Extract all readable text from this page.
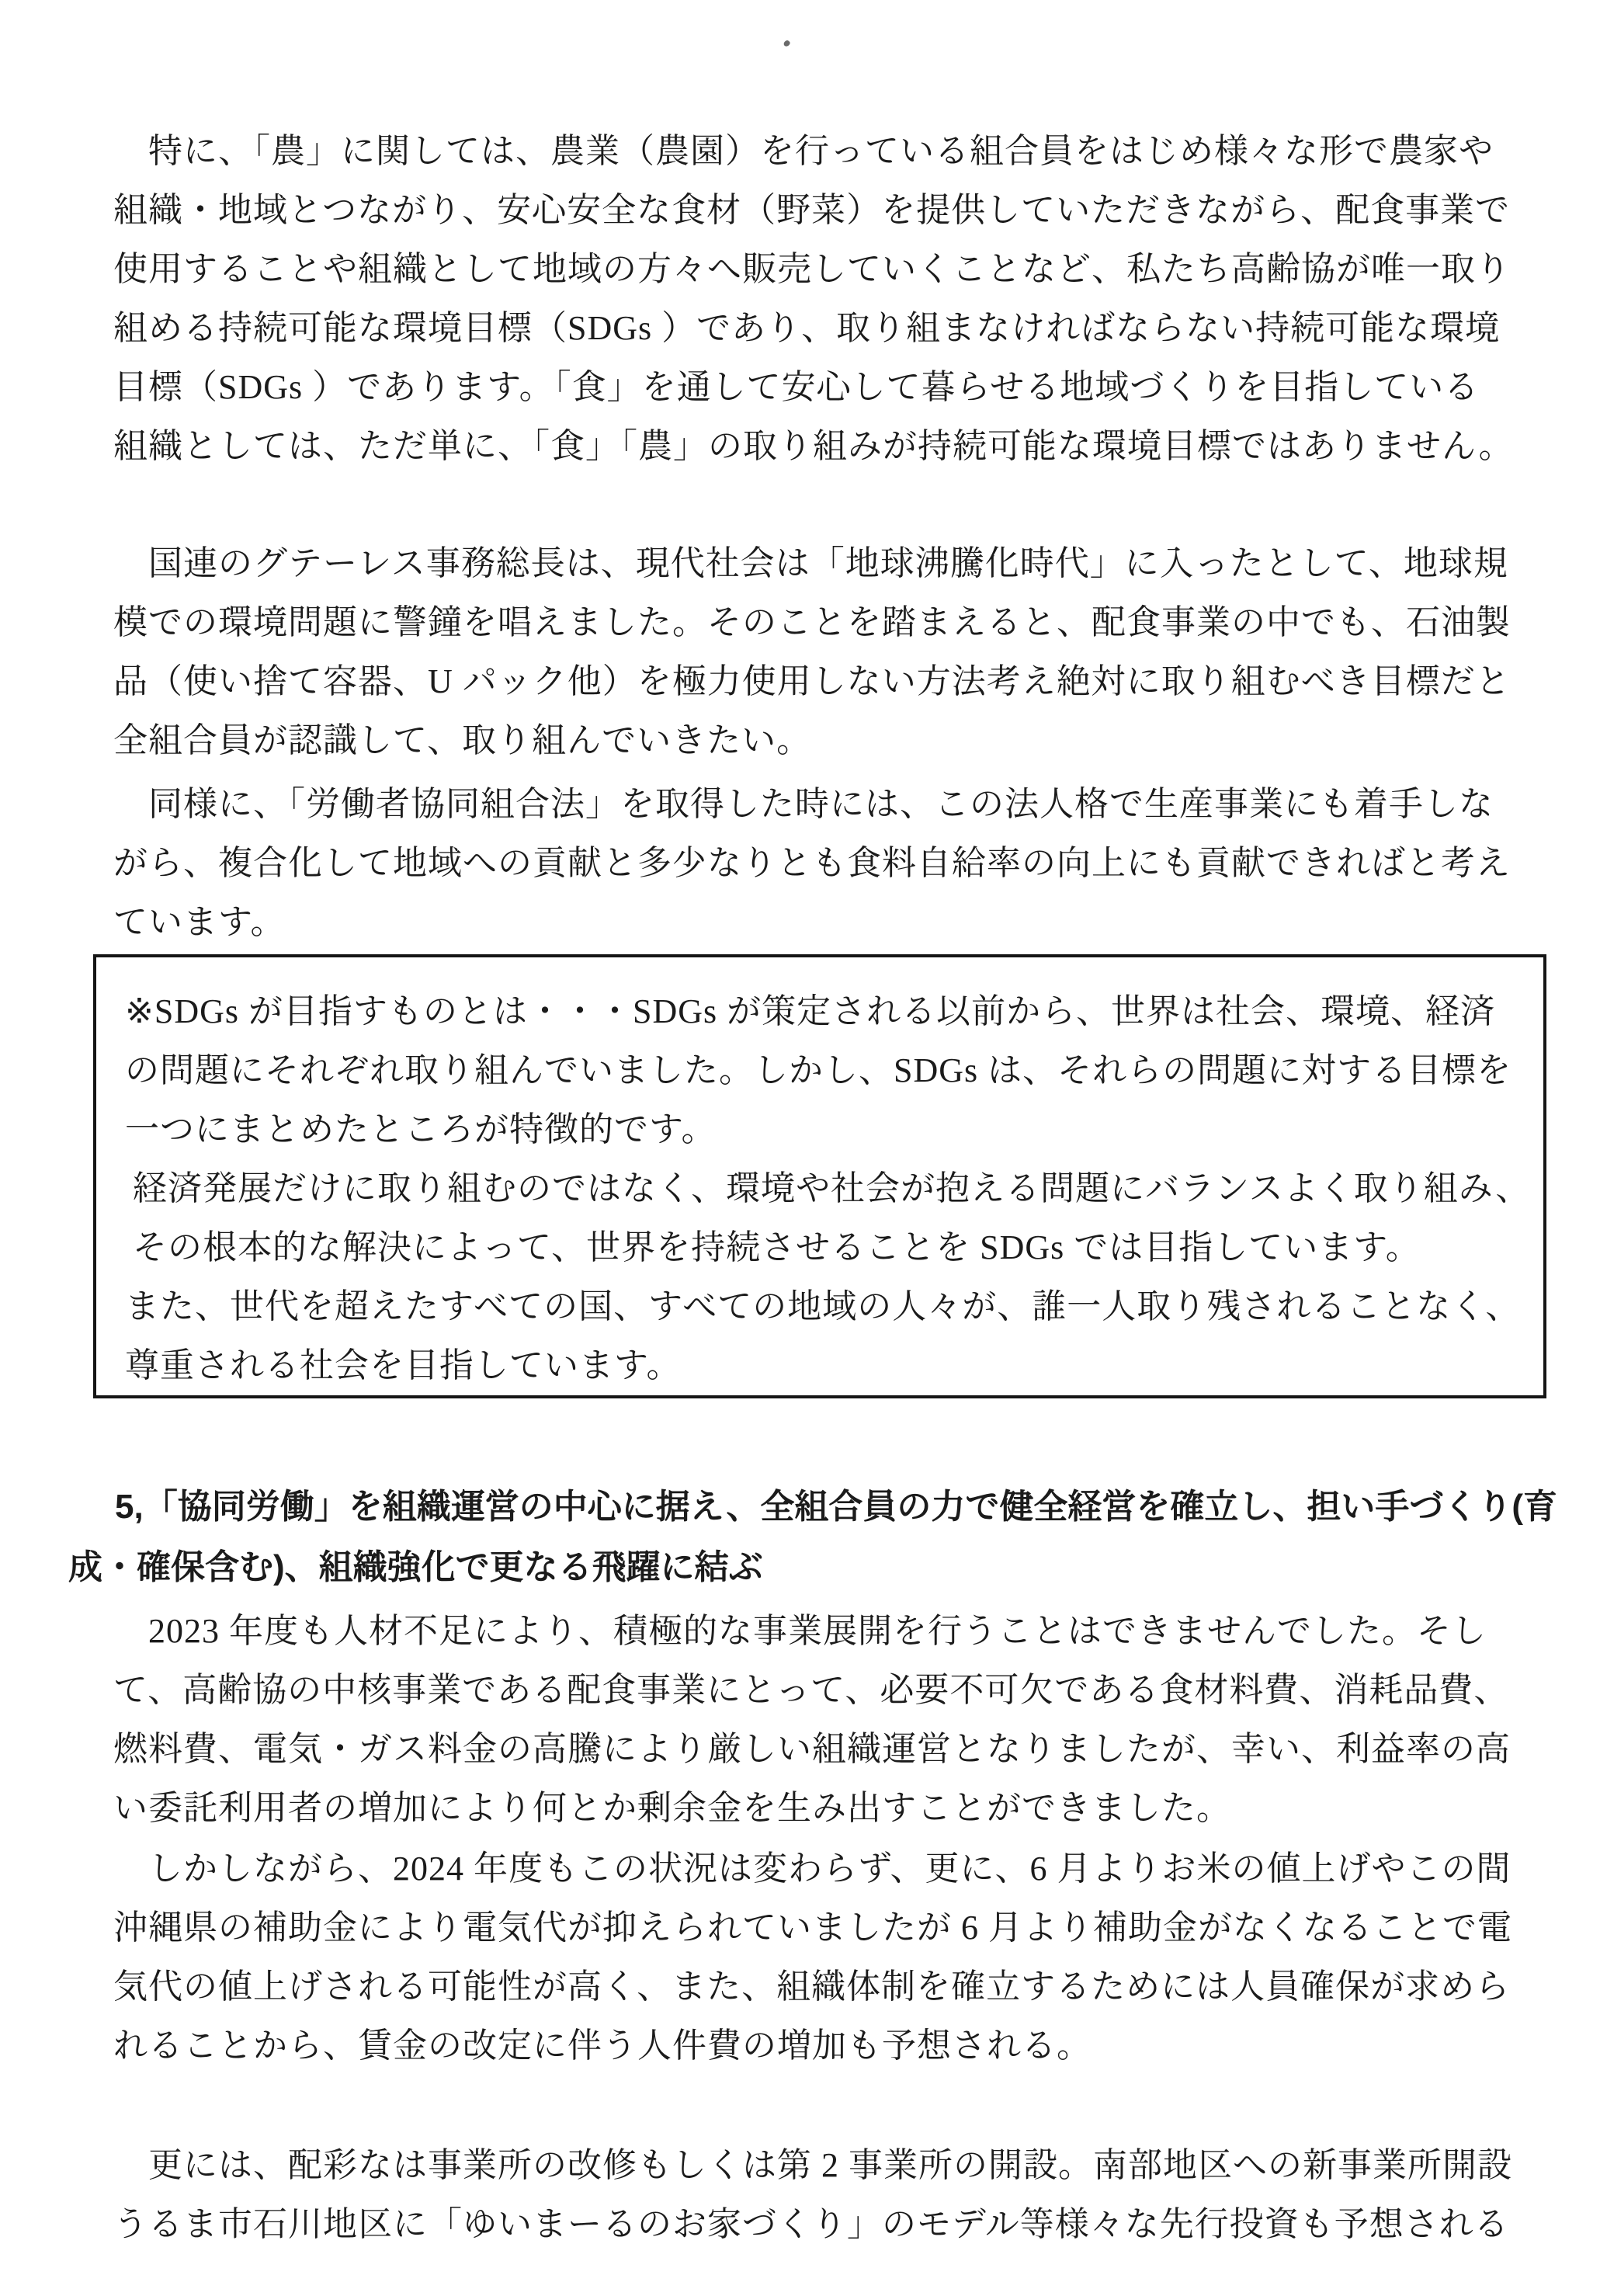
特に、「農」に関しては、農業（農園）を行っている組合員をはじめ様々な形で農家や
組織・地域とつながり、安心安全な食材（野菜）を提供していただきながら、配食事業で
使用することや組織として地域の方々へ販売していくことなど、私たち高齢協が唯一取り
組める持続可能な環境目標（SDGs ）であり、取り組まなければならない持続可能な環境
目標（SDGs ）であります。「食」を通して安心して暮らせる地域づくりを目指している
組織としては、ただ単に、「食」「農」の取り組みが持続可能な環境目標ではありません。
国連のグテーレス事務総長は、現代社会は「地球沸騰化時代」に入ったとして、地球規
模での環境問題に警鐘を唱えました。そのことを踏まえると、配食事業の中でも、石油製
品（使い捨て容器、U パック他）を極力使用しない方法考え絶対に取り組むべき目標だと
全組合員が認識して、取り組んでいきたい。
同様に、「労働者協同組合法」を取得した時には、この法人格で生産事業にも着手しな
がら、複合化して地域への貢献と多少なりとも食料自給率の向上にも貢献できればと考え
ています。
※SDGs が目指すものとは・・・SDGs が策定される以前から、世界は社会、環境、経済
の問題にそれぞれ取り組んでいました。しかし、SDGs は、それらの問題に対する目標を
一つにまとめたところが特徴的です。
経済発展だけに取り組むのではなく、環境や社会が抱える問題にバランスよく取り組み、
その根本的な解決によって、世界を持続させることを SDGs では目指しています。
また、世代を超えたすべての国、すべての地域の人々が、誰一人取り残されることなく、
尊重される社会を目指しています。
5,「協同労働」を組織運営の中心に据え、全組合員の力で健全経営を確立し、担い手づくり(育
成・確保含む)、組織強化で更なる飛躍に結ぶ
2023 年度も人材不足により、積極的な事業展開を行うことはできませんでした。そし
て、高齢協の中核事業である配食事業にとって、必要不可欠である食材料費、消耗品費、
燃料費、電気・ガス料金の高騰により厳しい組織運営となりましたが、幸い、利益率の高
い委託利用者の増加により何とか剰余金を生み出すことができました。
しかしながら、2024 年度もこの状況は変わらず、更に、6 月よりお米の値上げやこの間
沖縄県の補助金により電気代が抑えられていましたが 6 月より補助金がなくなることで電
気代の値上げされる可能性が高く、また、組織体制を確立するためには人員確保が求めら
れることから、賃金の改定に伴う人件費の増加も予想される。
更には、配彩なは事業所の改修もしくは第 2 事業所の開設。南部地区への新事業所開設
うるま市石川地区に「ゆいまーるのお家づくり」のモデル等様々な先行投資も予想される
